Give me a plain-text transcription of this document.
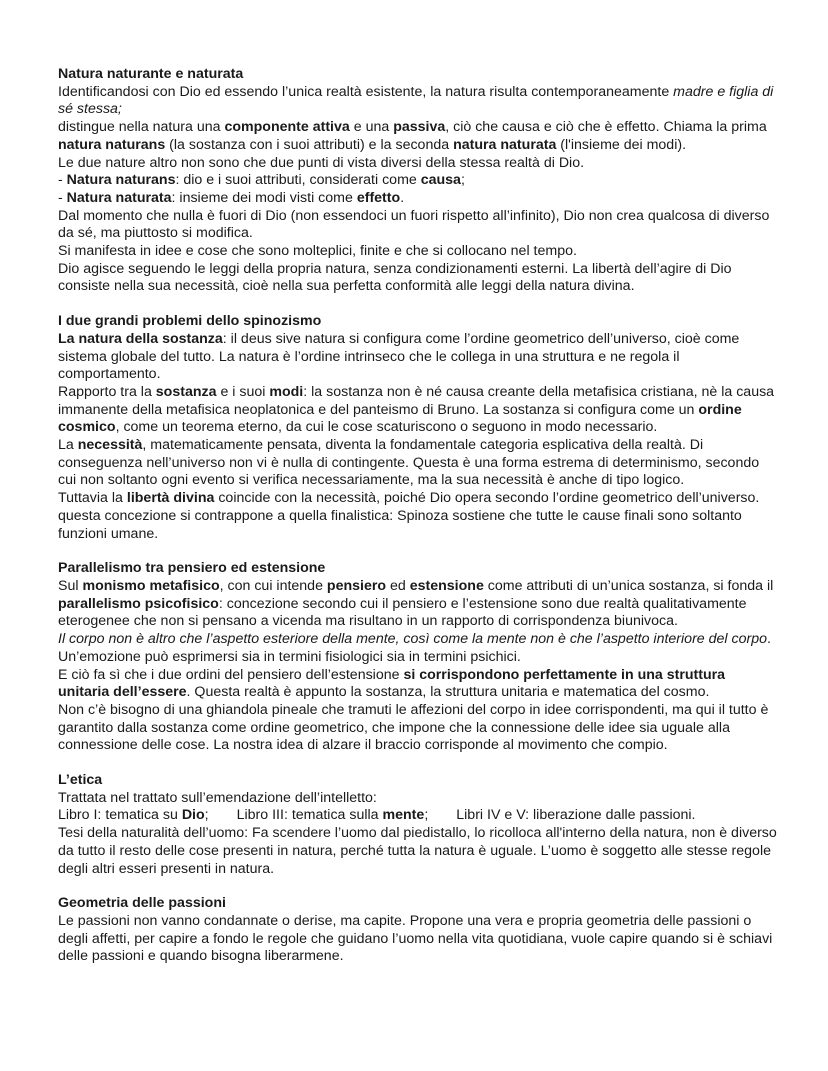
Natura naturante e naturata

Identificandosi con Dio ed essendo l’unica realtà esistente, la natura risulta contemporaneamente madre e figlia di sé stessa;

distingue nella natura una componente attiva e una passiva, ciò che causa e ciò che è effetto. Chiama la prima natura naturans (la sostanza con i suoi attributi) e la seconda natura naturata (l'insieme dei modi).

Le due nature altro non sono che due punti di vista diversi della stessa realtà di Dio.

- Natura naturans: dio e i suoi attributi, considerati come causa;

- Natura naturata: insieme dei modi visti come effetto.

Dal momento che nulla è fuori di Dio (non essendoci un fuori rispetto all’infinito), Dio non crea qualcosa di diverso da sé, ma piuttosto si modifica.

Si manifesta in idee e cose che sono molteplici, finite e che si collocano nel tempo.

Dio agisce seguendo le leggi della propria natura, senza condizionamenti esterni. La libertà dell’agire di Dio consiste nella sua necessità, cioè nella sua perfetta conformità alle leggi della natura divina.

I due grandi problemi dello spinozismo

La natura della sostanza: il deus sive natura si configura come l’ordine geometrico dell’universo, cioè come sistema globale del tutto. La natura è l’ordine intrinseco che le collega in una struttura e ne regola il comportamento.

Rapporto tra la sostanza e i suoi modi: la sostanza non è né causa creante della metafisica cristiana, nè la causa immanente della metafisica neoplatonica e del panteismo di Bruno. La sostanza si configura come un ordine cosmico, come un teorema eterno, da cui le cose scaturiscono o seguono in modo necessario.

La necessità, matematicamente pensata, diventa la fondamentale categoria esplicativa della realtà. Di conseguenza nell’universo non vi è nulla di contingente. Questa è una forma estrema di determinismo, secondo cui non soltanto ogni evento si verifica necessariamente, ma la sua necessità è anche di tipo logico.

Tuttavia la libertà divina coincide con la necessità, poiché Dio opera secondo l’ordine geometrico dell’universo. questa concezione si contrappone a quella finalistica: Spinoza sostiene che tutte le cause finali sono soltanto funzioni umane.

Parallelismo tra pensiero ed estensione

Sul monismo metafisico, con cui intende pensiero ed estensione come attributi di un’unica sostanza, si fonda il parallelismo psicofisico: concezione secondo cui il pensiero e l’estensione sono due realtà qualitativamente eterogenee che non si pensano a vicenda ma risultano in un rapporto di corrispondenza biunivoca.

Il corpo non è altro che l’aspetto esteriore della mente, così come la mente non è che l’aspetto interiore del corpo. Un’emozione può esprimersi sia in termini fisiologici sia in termini psichici.

E ciò fa sì che i due ordini del pensiero dell’estensione si corrispondono perfettamente in una struttura unitaria dell’essere. Questa realtà è appunto la sostanza, la struttura unitaria e matematica del cosmo.

Non c’è bisogno di una ghiandola pineale che tramuti le affezioni del corpo in idee corrispondenti, ma qui il tutto è garantito dalla sostanza come ordine geometrico, che impone che la connessione delle idee sia uguale alla connessione delle cose. La nostra idea di alzare il braccio corrisponde al movimento che compio.

L’etica

Trattata nel trattato sull’emendazione dell’intelletto:

Libro I: tematica su Dio; Libro III: tematica sulla mente; Libri IV e V: liberazione dalle passioni.

Tesi della naturalità dell’uomo: Fa scendere l’uomo dal piedistallo, lo ricolloca all'interno della natura, non è diverso da tutto il resto delle cose presenti in natura, perché tutta la natura è uguale. L’uomo è soggetto alle stesse regole degli altri esseri presenti in natura.

Geometria delle passioni

Le passioni non vanno condannate o derise, ma capite. Propone una vera e propria geometria delle passioni o degli affetti, per capire a fondo le regole che guidano l’uomo nella vita quotidiana, vuole capire quando si è schiavi delle passioni e quando bisogna liberarmene.
